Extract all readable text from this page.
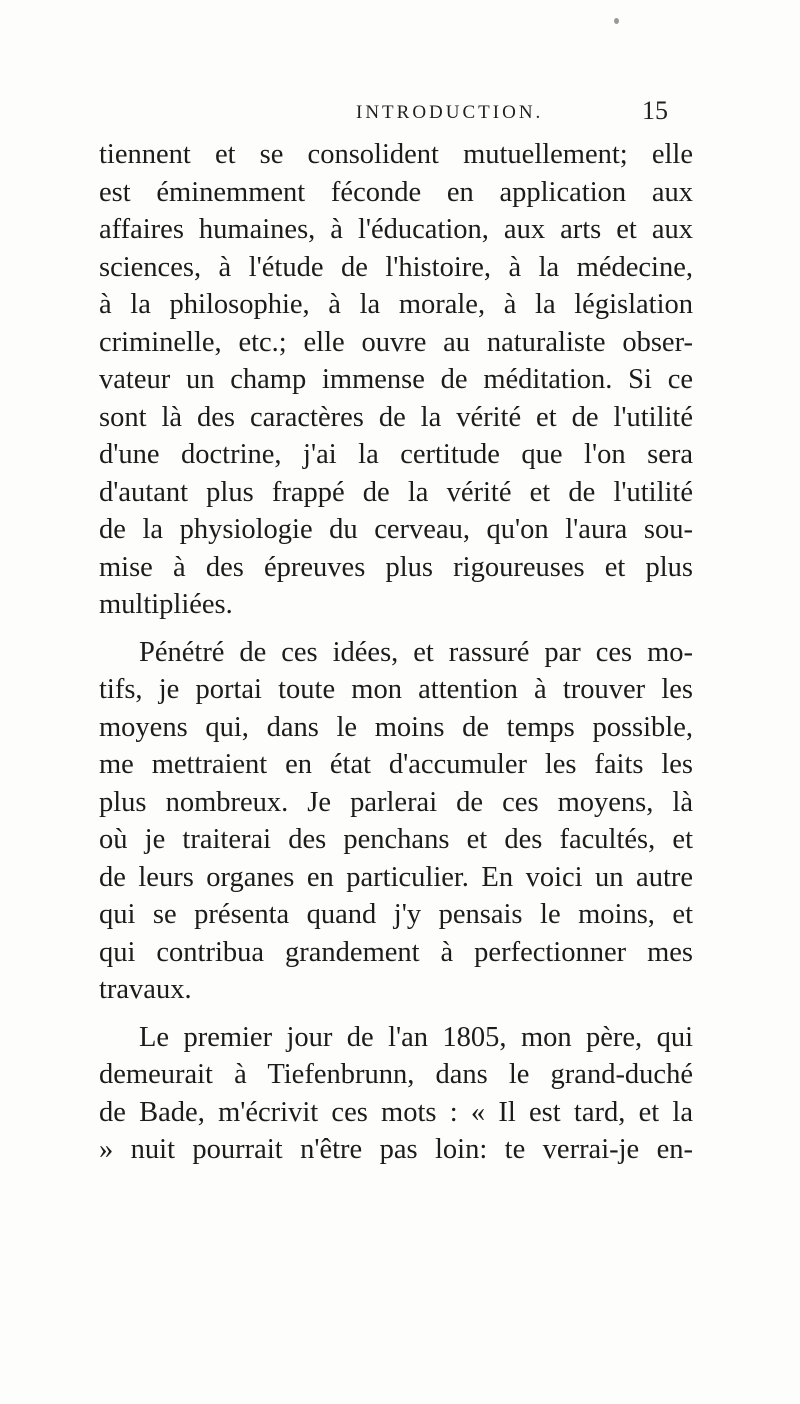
INTRODUCTION.	15
tiennent et se consolident mutuellement; elle
est éminemment féconde en application aux
affaires humaines, à l'éducation, aux arts et aux
sciences, à l'étude de l'histoire, à la médecine,
à la philosophie, à la morale, à la législation
criminelle, etc.; elle ouvre au naturaliste obser-
vateur un champ immense de méditation. Si ce
sont là des caractères de la vérité et de l'utilité
d'une doctrine, j'ai la certitude que l'on sera
d'autant plus frappé de la vérité et de l'utilité
de la physiologie du cerveau, qu'on l'aura sou-
mise à des épreuves plus rigoureuses et plus
multipliées.
Pénétré de ces idées, et rassuré par ces mo-
tifs, je portai toute mon attention à trouver les
moyens qui, dans le moins de temps possible,
me mettraient en état d'accumuler les faits les
plus nombreux. Je parlerai de ces moyens, là
où je traiterai des penchans et des facultés, et
de leurs organes en particulier. En voici un autre
qui se présenta quand j'y pensais le moins, et
qui contribua grandement à perfectionner mes
travaux.
Le premier jour de l'an 1805, mon père, qui
demeurait à Tiefenbrunn, dans le grand-duché
de Bade, m'écrivit ces mots : « Il est tard, et la
» nuit pourrait n'être pas loin: te verrai-je en-
